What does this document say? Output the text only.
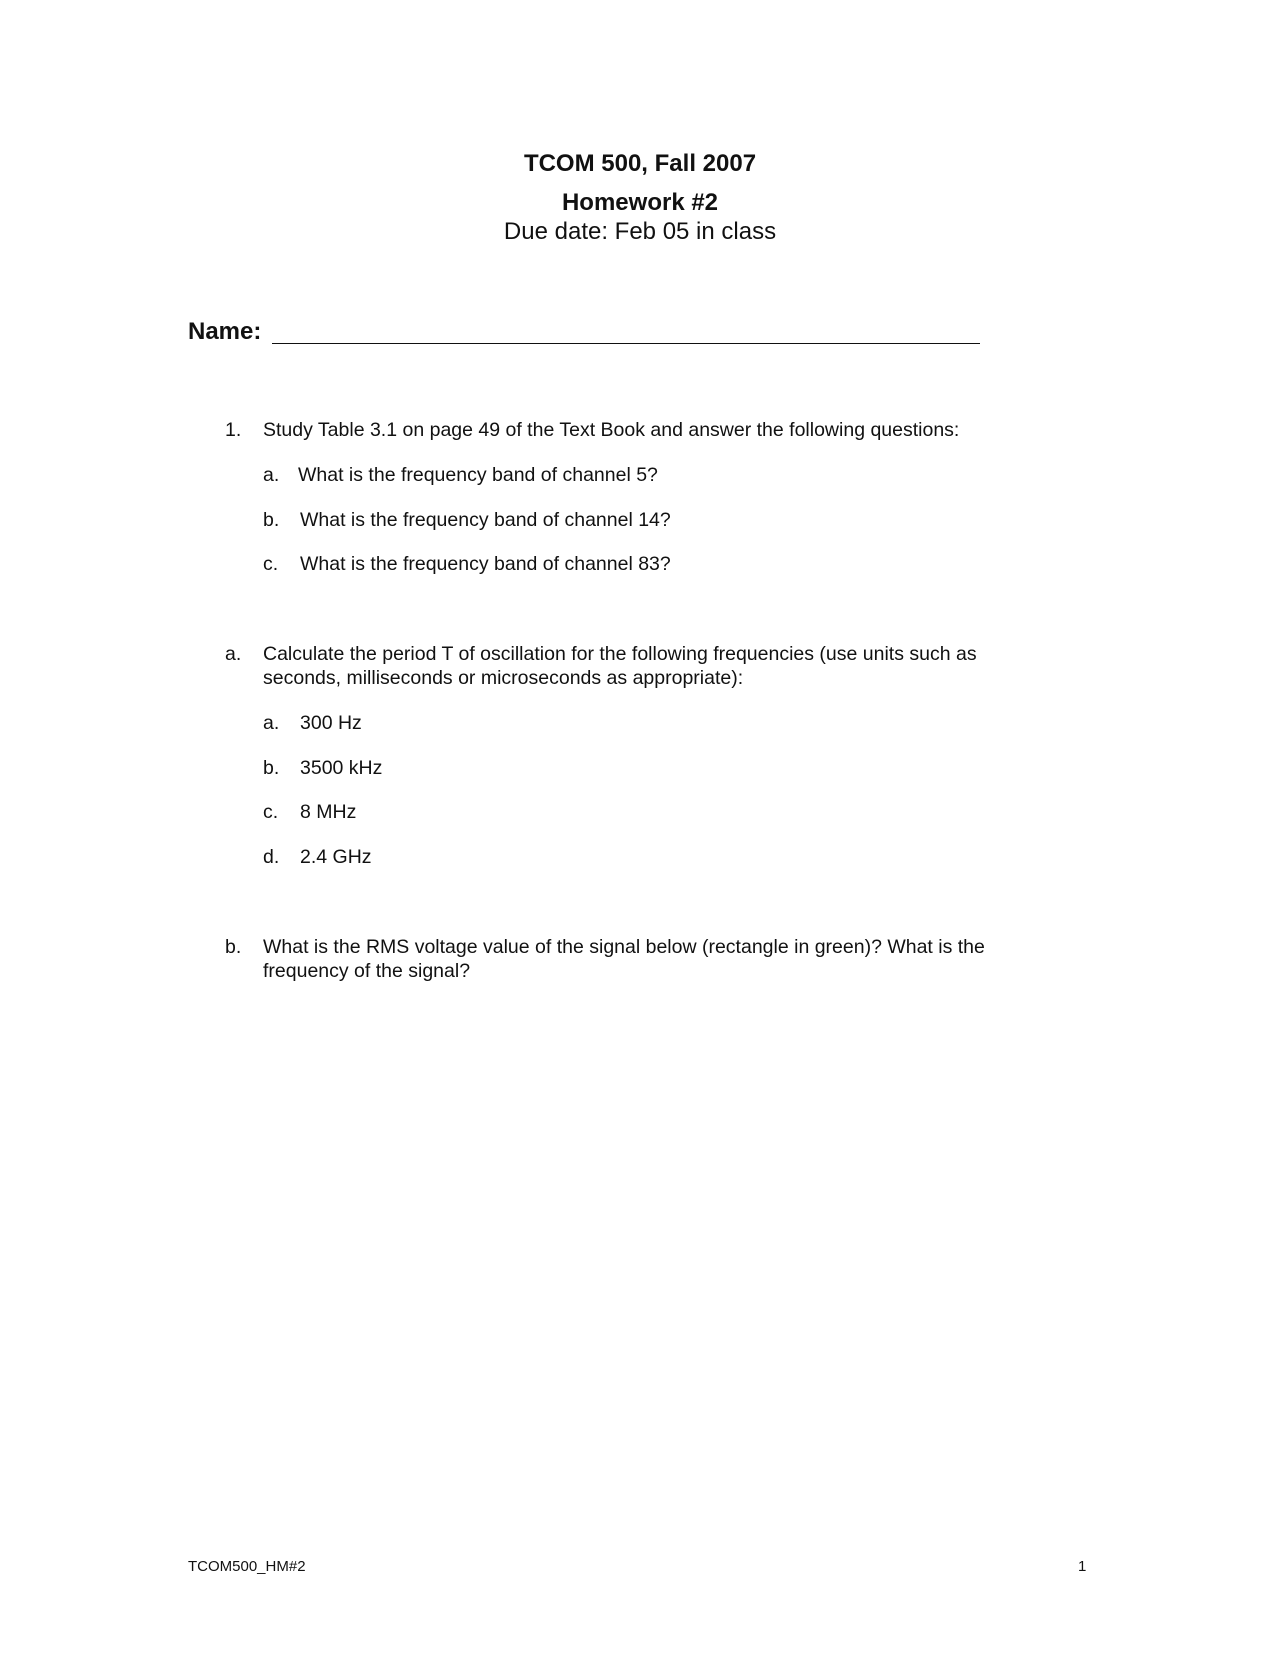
TCOM 500, Fall 2007
Homework #2
Due date: Feb 05 in class
Name:
1. Study Table 3.1 on page 49 of the Text Book and answer the following questions:
a. What is the frequency band of channel 5?
b. What is the frequency band of channel 14?
c. What is the frequency band of channel 83?
a. Calculate the period T of oscillation for the following frequencies (use units such as seconds, milliseconds or microseconds as appropriate):
a. 300 Hz
b. 3500 kHz
c. 8 MHz
d. 2.4 GHz
b. What is the RMS voltage value of the signal below (rectangle in green)? What is the frequency of the signal?
TCOM500_HM#2	1
